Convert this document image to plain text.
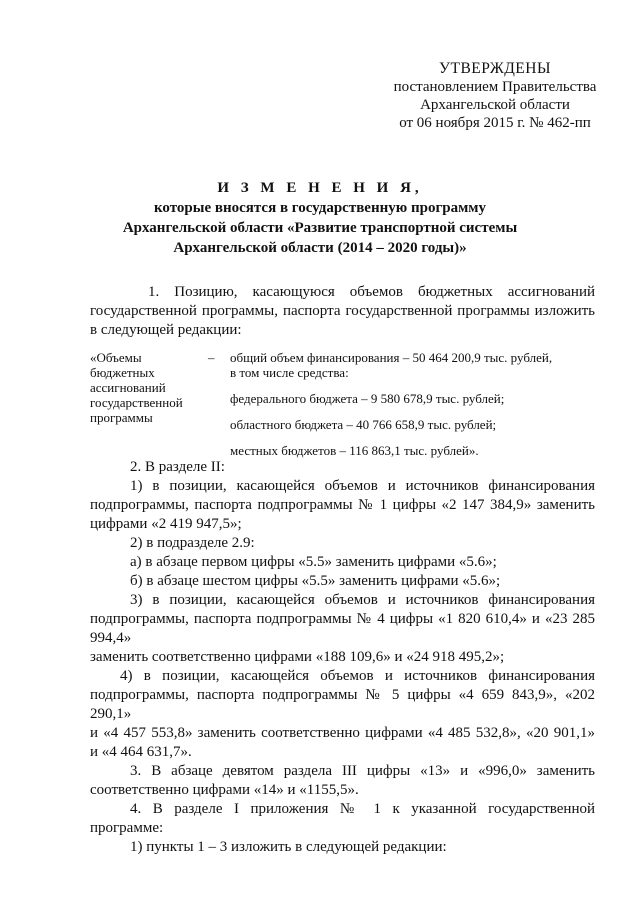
УТВЕРЖДЕНЫ
постановлением Правительства
Архангельской области
от 06 ноября 2015 г. № 462-пп
И З М Е Н Е Н И Я,
которые вносятся в государственную программу
Архангельской области «Развитие транспортной системы
Архангельской области (2014 – 2020 годы)»
1. Позицию, касающуюся объемов бюджетных ассигнований
государственной программы, паспорта государственной программы изложить
в следующей редакции:
«Объемы
бюджетных
ассигнований
государственной
программы
– общий объем финансирования – 50 464 200,9 тыс. рублей,
в том числе средства:
федерального бюджета – 9 580 678,9 тыс. рублей;
областного бюджета – 40 766 658,9 тыс. рублей;
местных бюджетов – 116 863,1 тыс. рублей».
2. В разделе II:
1) в позиции, касающейся объемов и источников финансирования
подпрограммы, паспорта подпрограммы № 1 цифры «2 147 384,9» заменить
цифрами «2 419 947,5»;
2) в подразделе 2.9:
а) в абзаце первом цифры «5.5» заменить цифрами «5.6»;
б) в абзаце шестом цифры «5.5» заменить цифрами «5.6»;
3) в позиции, касающейся объемов и источников финансирования
подпрограммы, паспорта подпрограммы № 4 цифры «1 820 610,4» и «23 285 994,4»
заменить соответственно цифрами «188 109,6» и «24 918 495,2»;
4) в позиции, касающейся объемов и источников финансирования
подпрограммы, паспорта подпрограммы № 5 цифры «4 659 843,9», «202 290,1»
и «4 457 553,8» заменить соответственно цифрами «4 485 532,8», «20 901,1»
и «4 464 631,7».
3. В абзаце девятом раздела III цифры «13» и «996,0» заменить
соответственно цифрами «14» и «1155,5».
4. В разделе I приложения № 1 к указанной государственной
программе:
1) пункты 1 – 3 изложить в следующей редакции:
